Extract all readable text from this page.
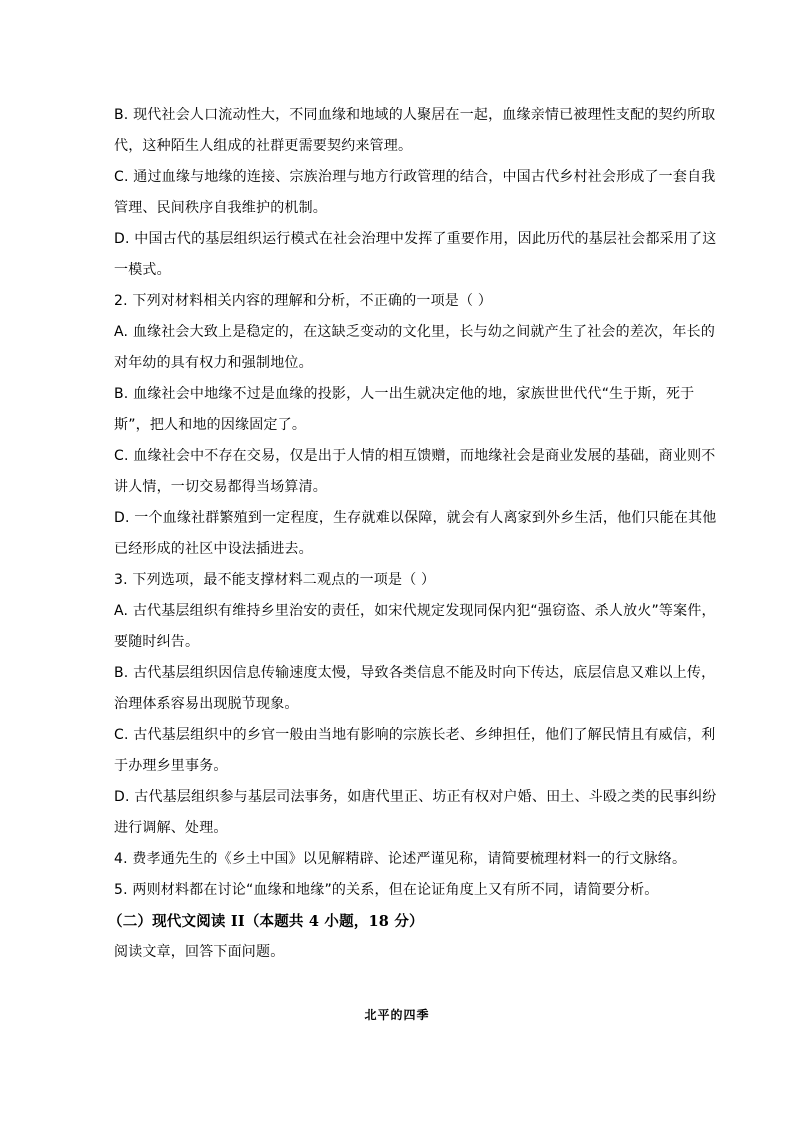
B. 现代社会人口流动性大，不同血缘和地域的人聚居在一起，血缘亲情已被理性支配的契约所取
代，这种陌生人组成的社群更需要契约来管理。
C. 通过血缘与地缘的连接、宗族治理与地方行政管理的结合，中国古代乡村社会形成了一套自我
管理、民间秩序自我维护的机制。
D. 中国古代的基层组织运行模式在社会治理中发挥了重要作用，因此历代的基层社会都采用了这
一模式。
2. 下列对材料相关内容的理解和分析，不正确的一项是（ ）
A. 血缘社会大致上是稳定的，在这缺乏变动的文化里，长与幼之间就产生了社会的差次，年长的
对年幼的具有权力和强制地位。
B. 血缘社会中地缘不过是血缘的投影，人一出生就决定他的地，家族世世代代“生于斯，死于
斯”，把人和地的因缘固定了。
C. 血缘社会中不存在交易，仅是出于人情的相互馈赠，而地缘社会是商业发展的基础，商业则不
讲人情，一切交易都得当场算清。
D. 一个血缘社群繁殖到一定程度，生存就难以保障，就会有人离家到外乡生活，他们只能在其他
已经形成的社区中设法插进去。
3. 下列选项，最不能支撑材料二观点的一项是（ ）
A. 古代基层组织有维持乡里治安的责任，如宋代规定发现同保内犯“强窃盗、杀人放火”等案件，
要随时纠告。
B. 古代基层组织因信息传输速度太慢，导致各类信息不能及时向下传达，底层信息又难以上传，
治理体系容易出现脱节现象。
C. 古代基层组织中的乡官一般由当地有影响的宗族长老、乡绅担任，他们了解民情且有威信，利
于办理乡里事务。
D. 古代基层组织参与基层司法事务，如唐代里正、坊正有权对户婚、田土、斗殴之类的民事纠纷
进行调解、处理。
4. 费孝通先生的《乡土中国》以见解精辟、论述严谨见称，请简要梳理材料一的行文脉络。
5. 两则材料都在讨论“血缘和地缘”的关系，但在论证角度上又有所不同，请简要分析。
（二）现代文阅读 II（本题共 4 小题，18 分）
阅读文章，回答下面问题。
北平的四季
